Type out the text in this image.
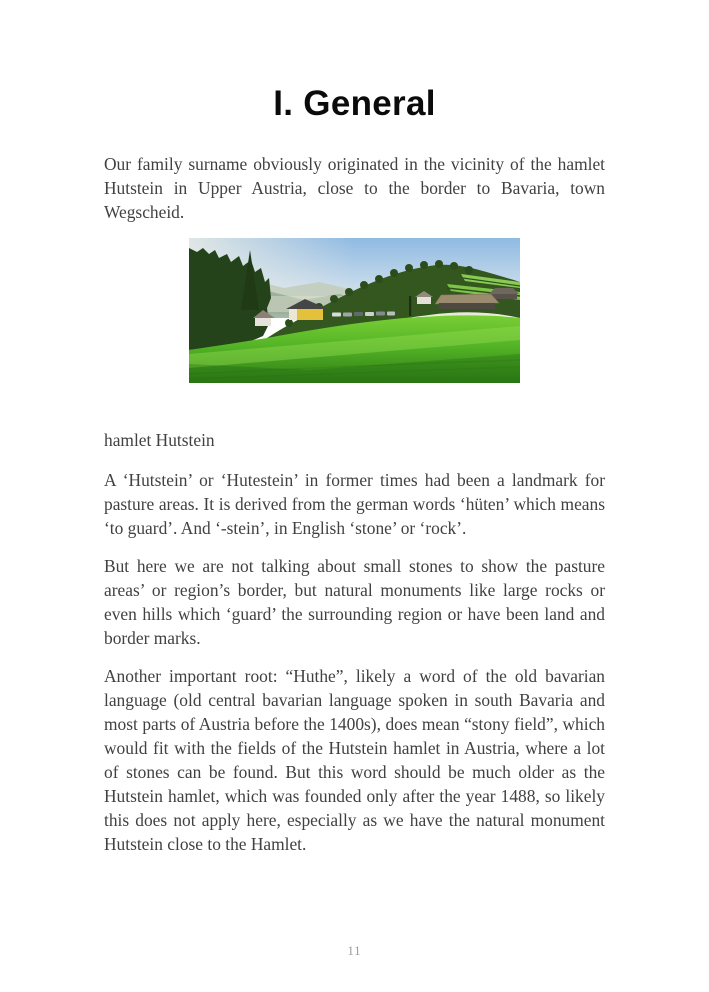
I. General

Our family surname obviously originated in the vicinity of the hamlet Hutstein in Upper Austria, close to the border to Bavaria, town Wegscheid.

hamlet Hutstein

A ‘Hutstein’ or ‘Hutestein’ in former times had been a landmark for pasture areas. It is derived from the german words ‘hüten’ which means ‘to guard’. And ‘-stein’, in English ‘stone’ or ‘rock’.

But here we are not talking about small stones to show the pasture areas’ or region’s border, but natural monuments like large rocks or even hills which ‘guard’ the surrounding region or have been land and border marks.

Another important root: “Huthe”, likely a word of the old bavarian language (old central bavarian language spoken in south Bavaria and most parts of Austria before the 1400s), does mean “stony field”, which would fit with the fields of the Hutstein hamlet in Austria, where a lot of stones can be found. But this word should be much older as the Hutstein hamlet, which was founded only after the year 1488, so likely this does not apply here, especially as we have the natural monument Hutstein close to the Hamlet.

11
